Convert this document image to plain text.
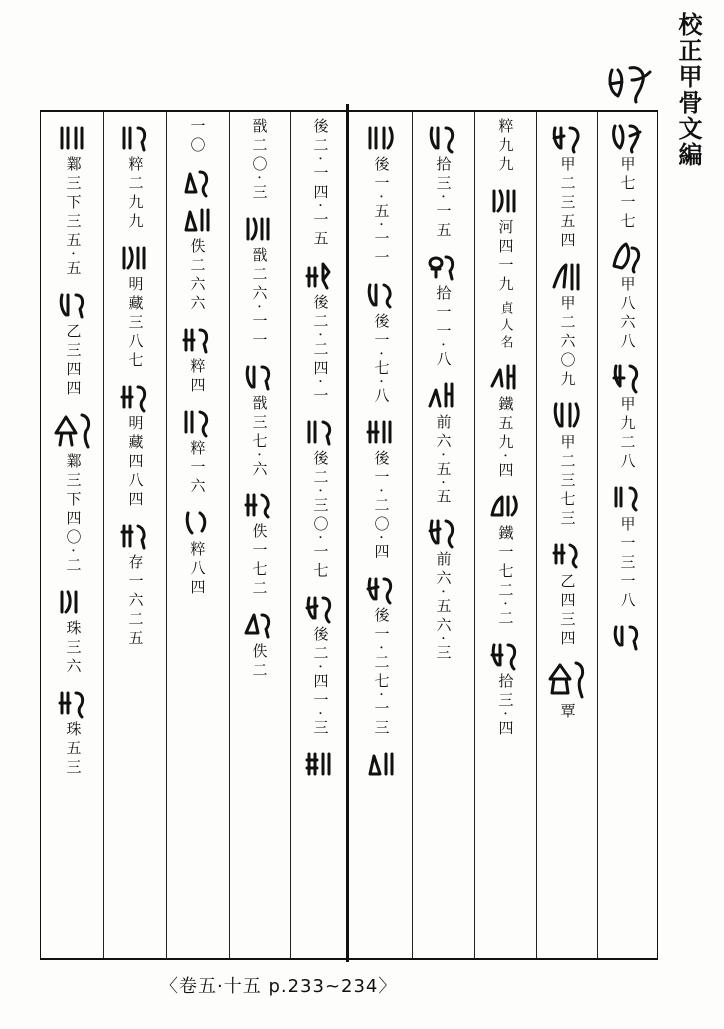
校正甲骨文編
甲七一七
甲八六八
甲九二八
甲一三一八
甲二三五四
甲二六〇九
甲二三七三
乙四三四
覃
粹九九
河四一九
貞人名
鐵五九·四
鐵一七二·二
拾三·四
拾三·一五
拾一一·八
前六·五·五
前六·五六·三
後一·五·一一
後一·七·八
後一·二〇·四
後一·二七·一三
後二·一四·一五
後二·二四·一
後二·三〇·一七
後二·四一·三
戩二〇·三
戩二六·一一
戩三七·六
佚一七二
佚二
一〇
佚二六六
粹四
粹一六
粹八四
粹二九九
明藏三八七
明藏四八四
存一六二五
鄴三下三五·五
乙三四四
鄴三下四〇·二
珠三六
珠五三
〈卷五·十五 p.233~234〉
